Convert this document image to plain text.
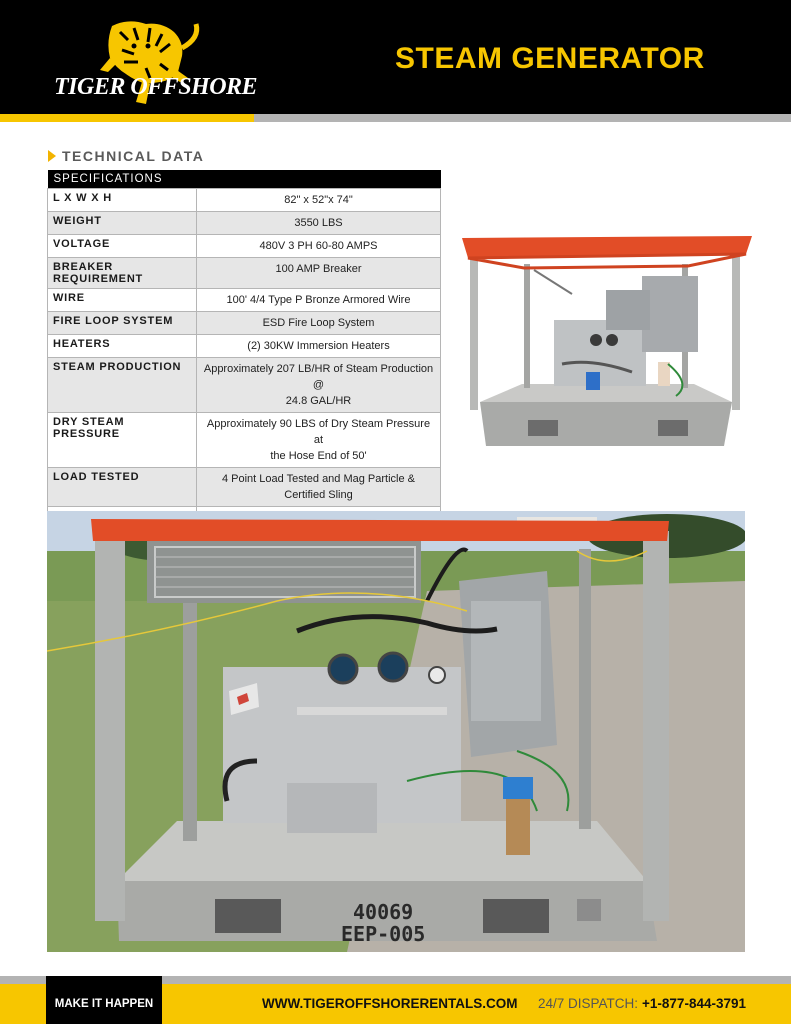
TIGER OFFSHORE
STEAM GENERATOR
TECHNICAL DATA
SPECIFICATIONS	
L X W X H	82" x 52"x 74"
WEIGHT	3550 LBS
VOLTAGE	480V 3 PH 60-80 AMPS
BREAKER REQUIREMENT	100 AMP Breaker
WIRE	100' 4/4 Type P Bronze Armored Wire
FIRE LOOP SYSTEM	ESD Fire Loop System
HEATERS	(2) 30KW Immersion Heaters
STEAM PRODUCTION	Approximately 207 LB/HR of Steam Production @
24.8 GAL/HR

DRY STEAM PRESSURE	Approximately 90 LBS of Dry Steam Pressure at
the Hose End of 50'

LOAD TESTED	4 Point Load Tested and Mag Particle & Certified Sling

40069
EEP-005
MAKE IT HAPPEN	WWW.TIGEROFFSHORERENTALS.COM 24/7 DISPATCH: +1-877-844-3791
